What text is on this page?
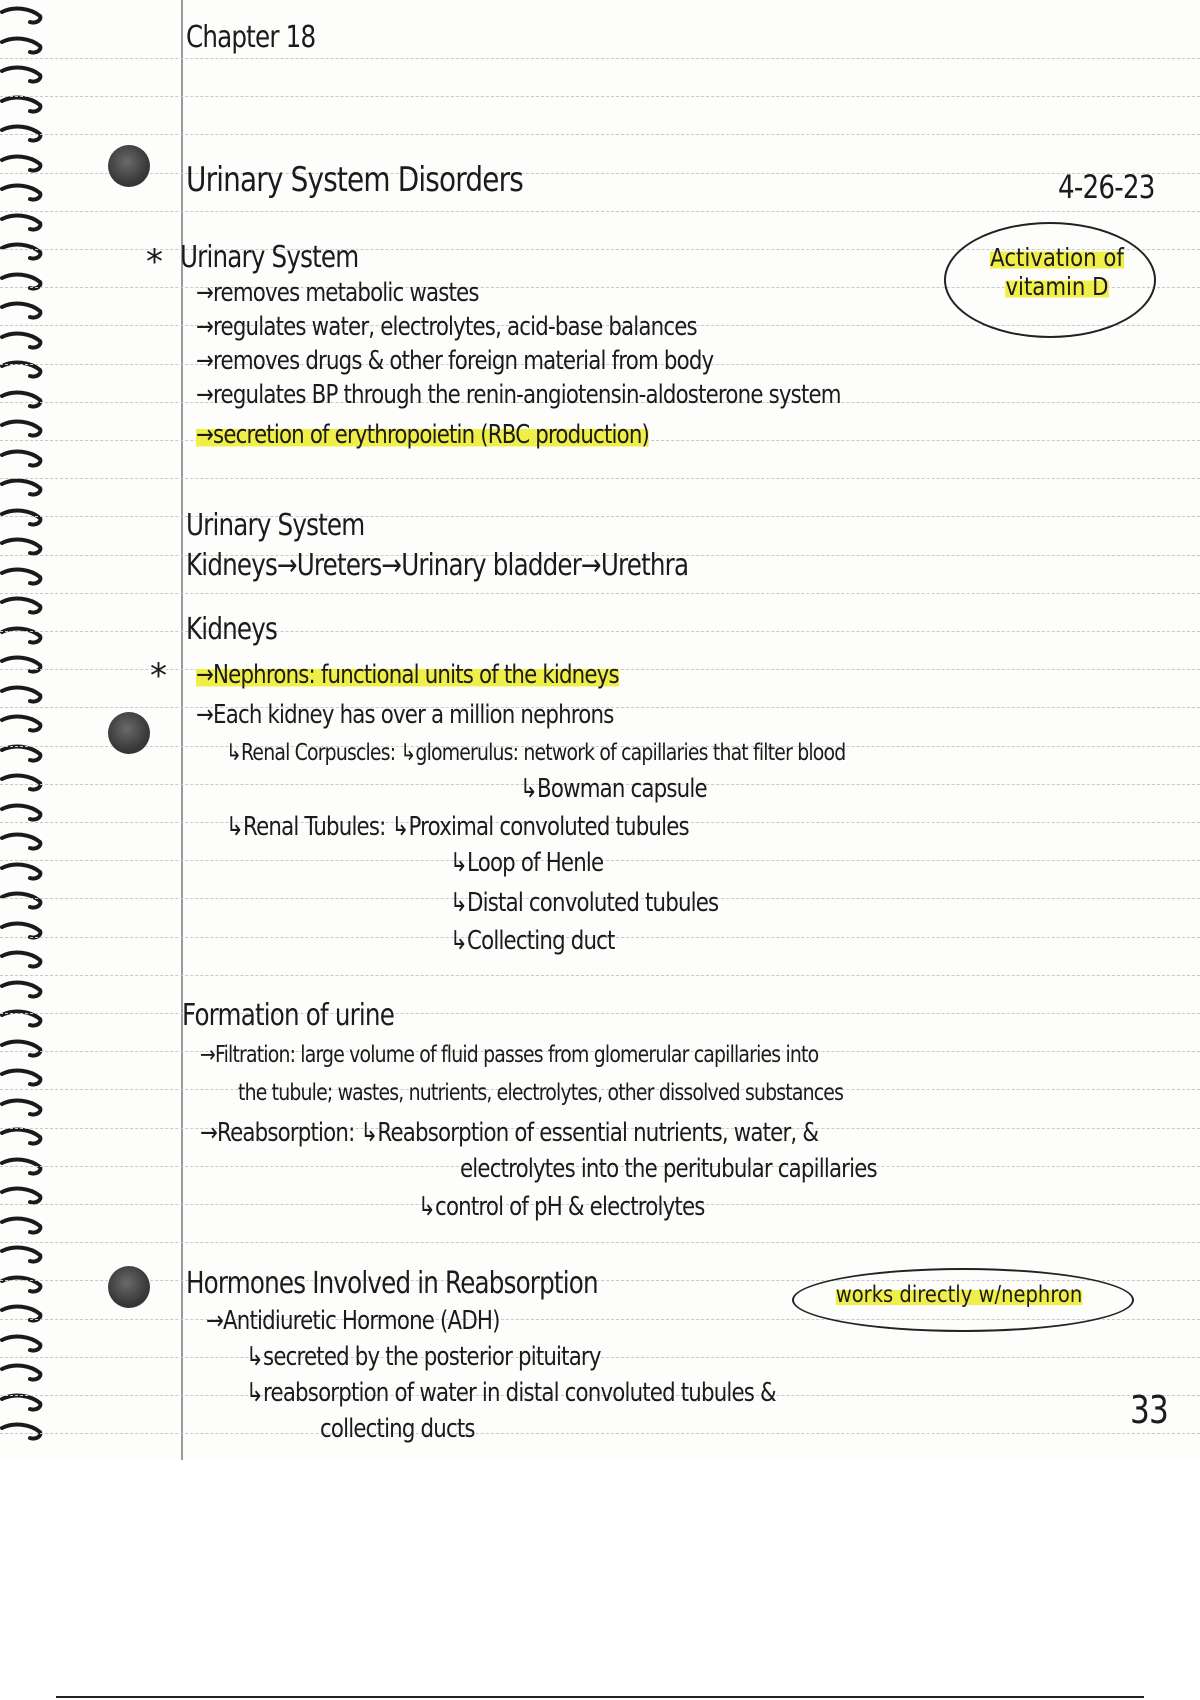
Chapter 18
Urinary System Disorders	4-26-23
Activation of
vitamin D
* Urinary System
→removes metabolic wastes
→regulates water, electrolytes, acid-base balances
→removes drugs & other foreign material from body
→regulates BP through the renin-angiotensin-aldosterone system
→secretion of erythropoietin (RBC production)
Urinary System
Kidneys→Ureters→Urinary bladder→Urethra
Kidneys
* →Nephrons: functional units of the kidneys
→Each kidney has over a million nephrons
↳Renal Corpuscles: ↳glomerulus: network of capillaries that filter blood
↳Bowman capsule
↳Renal Tubules: ↳Proximal convoluted tubules
↳Loop of Henle
↳Distal convoluted tubules
↳Collecting duct
Formation of urine
→Filtration: large volume of fluid passes from glomerular capillaries into
the tubule; wastes, nutrients, electrolytes, other dissolved substances
→Reabsorption: ↳Reabsorption of essential nutrients, water, &
electrolytes into the peritubular capillaries
↳control of pH & electrolytes
works directly w/nephron
Hormones Involved in Reabsorption
→Antidiuretic Hormone (ADH)
↳secreted by the posterior pituitary
↳reabsorption of water in distal convoluted tubules &
collecting ducts	33
